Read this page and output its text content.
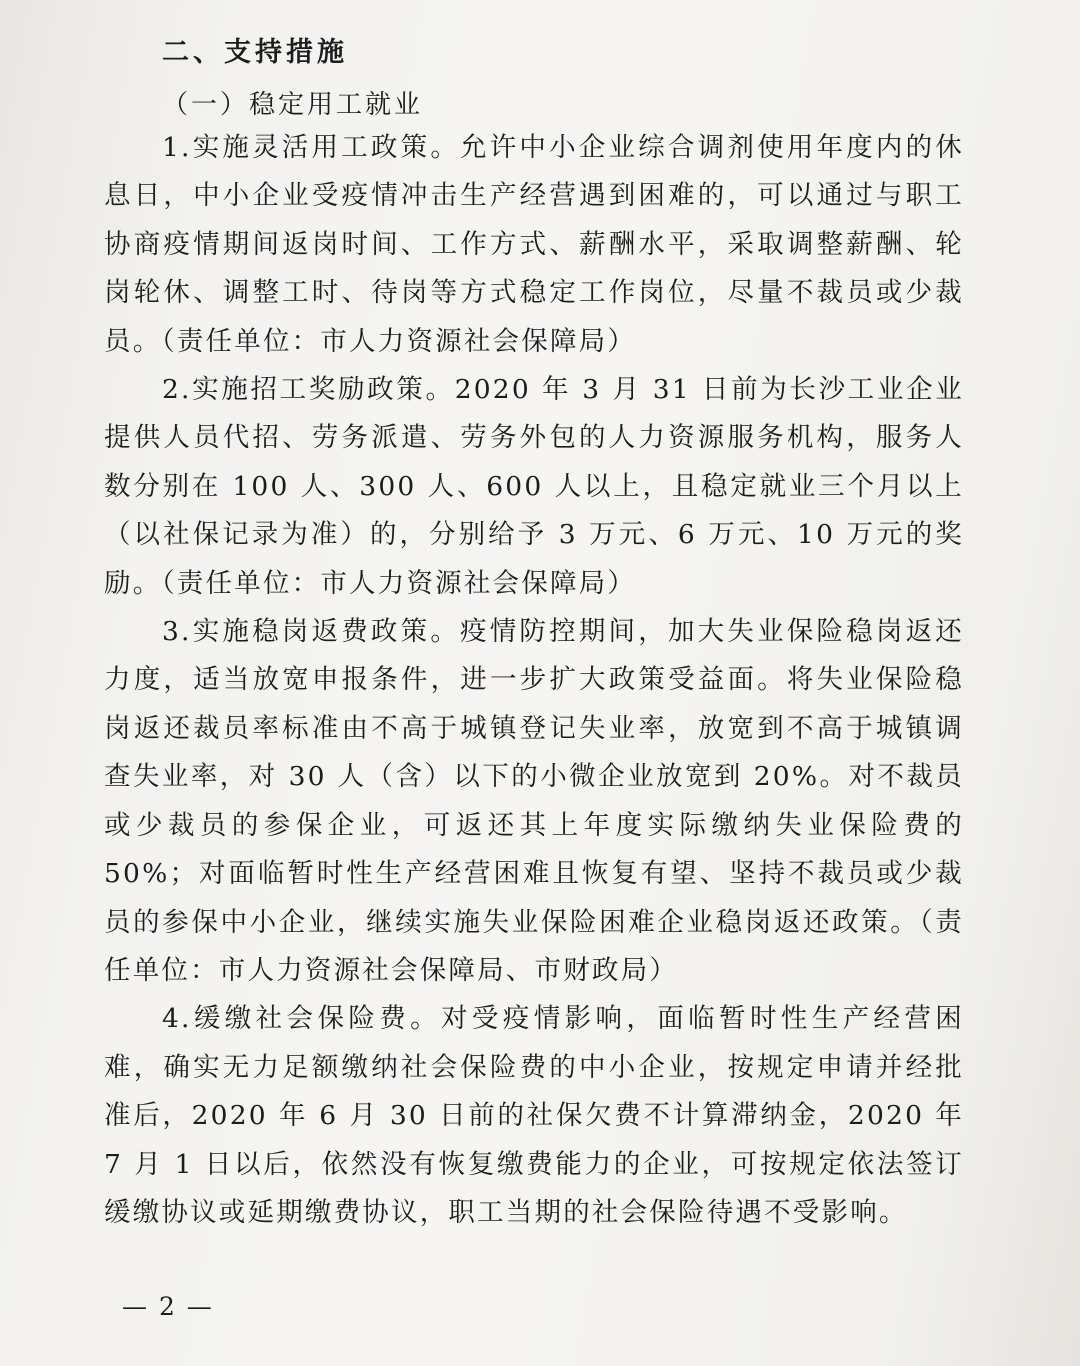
二、支持措施
（一）稳定用工就业

1.实施灵活用工政策。允许中小企业综合调剂使用年度内的休息日，中小企业受疫情冲击生产经营遇到困难的，可以通过与职工协商疫情期间返岗时间、工作方式、薪酬水平，采取调整薪酬、轮岗轮休、调整工时、待岗等方式稳定工作岗位，尽量不裁员或少裁员。（责任单位：市人力资源社会保障局）

2.实施招工奖励政策。2020 年 3 月 31 日前为长沙工业企业提供人员代招、劳务派遣、劳务外包的人力资源服务机构，服务人数分别在 100 人、300 人、600 人以上，且稳定就业三个月以上（以社保记录为准）的，分别给予 3 万元、6 万元、10 万元的奖励。（责任单位：市人力资源社会保障局）

3.实施稳岗返费政策。疫情防控期间，加大失业保险稳岗返还力度，适当放宽申报条件，进一步扩大政策受益面。将失业保险稳岗返还裁员率标准由不高于城镇登记失业率，放宽到不高于城镇调查失业率，对 30 人（含）以下的小微企业放宽到 20%。对不裁员或少裁员的参保企业，可返还其上年度实际缴纳失业保险费的 50%；对面临暂时性生产经营困难且恢复有望、坚持不裁员或少裁员的参保中小企业，继续实施失业保险困难企业稳岗返还政策。（责任单位：市人力资源社会保障局、市财政局）

4.缓缴社会保险费。对受疫情影响，面临暂时性生产经营困难，确实无力足额缴纳社会保险费的中小企业，按规定申请并经批准后，2020 年 6 月 30 日前的社保欠费不计算滞纳金，2020 年 7 月 1 日以后，依然没有恢复缴费能力的企业，可按规定依法签订缓缴协议或延期缴费协议，职工当期的社会保险待遇不受影响。

— 2 —
